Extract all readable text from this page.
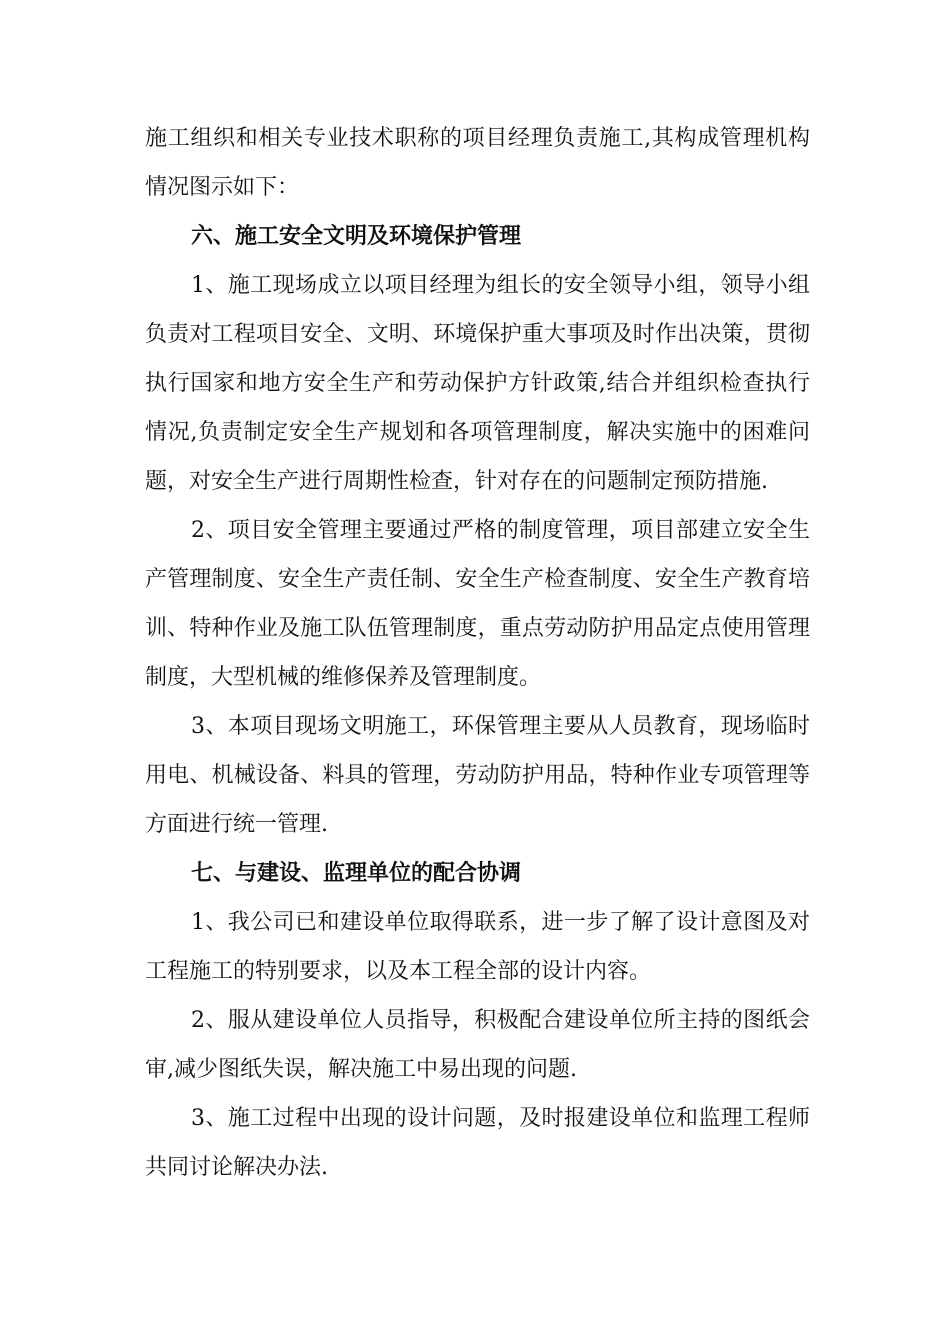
施工组织和相关专业技术职称的项目经理负责施工,其构成管理机构情况图示如下：

六、施工安全文明及环境保护管理

1、施工现场成立以项目经理为组长的安全领导小组，领导小组负责对工程项目安全、文明、环境保护重大事项及时作出决策，贯彻执行国家和地方安全生产和劳动保护方针政策,结合并组织检查执行情况,负责制定安全生产规划和各项管理制度，解决实施中的困难问题，对安全生产进行周期性检查，针对存在的问题制定预防措施.

2、项目安全管理主要通过严格的制度管理，项目部建立安全生产管理制度、安全生产责任制、安全生产检查制度、安全生产教育培训、特种作业及施工队伍管理制度，重点劳动防护用品定点使用管理制度，大型机械的维修保养及管理制度。

3、本项目现场文明施工，环保管理主要从人员教育，现场临时用电、机械设备、料具的管理，劳动防护用品，特种作业专项管理等方面进行统一管理.

七、与建设、监理单位的配合协调

1、我公司已和建设单位取得联系，进一步了解了设计意图及对工程施工的特别要求，以及本工程全部的设计内容。

2、服从建设单位人员指导，积极配合建设单位所主持的图纸会审,减少图纸失误，解决施工中易出现的问题.

3、施工过程中出现的设计问题，及时报建设单位和监理工程师共同讨论解决办法.
